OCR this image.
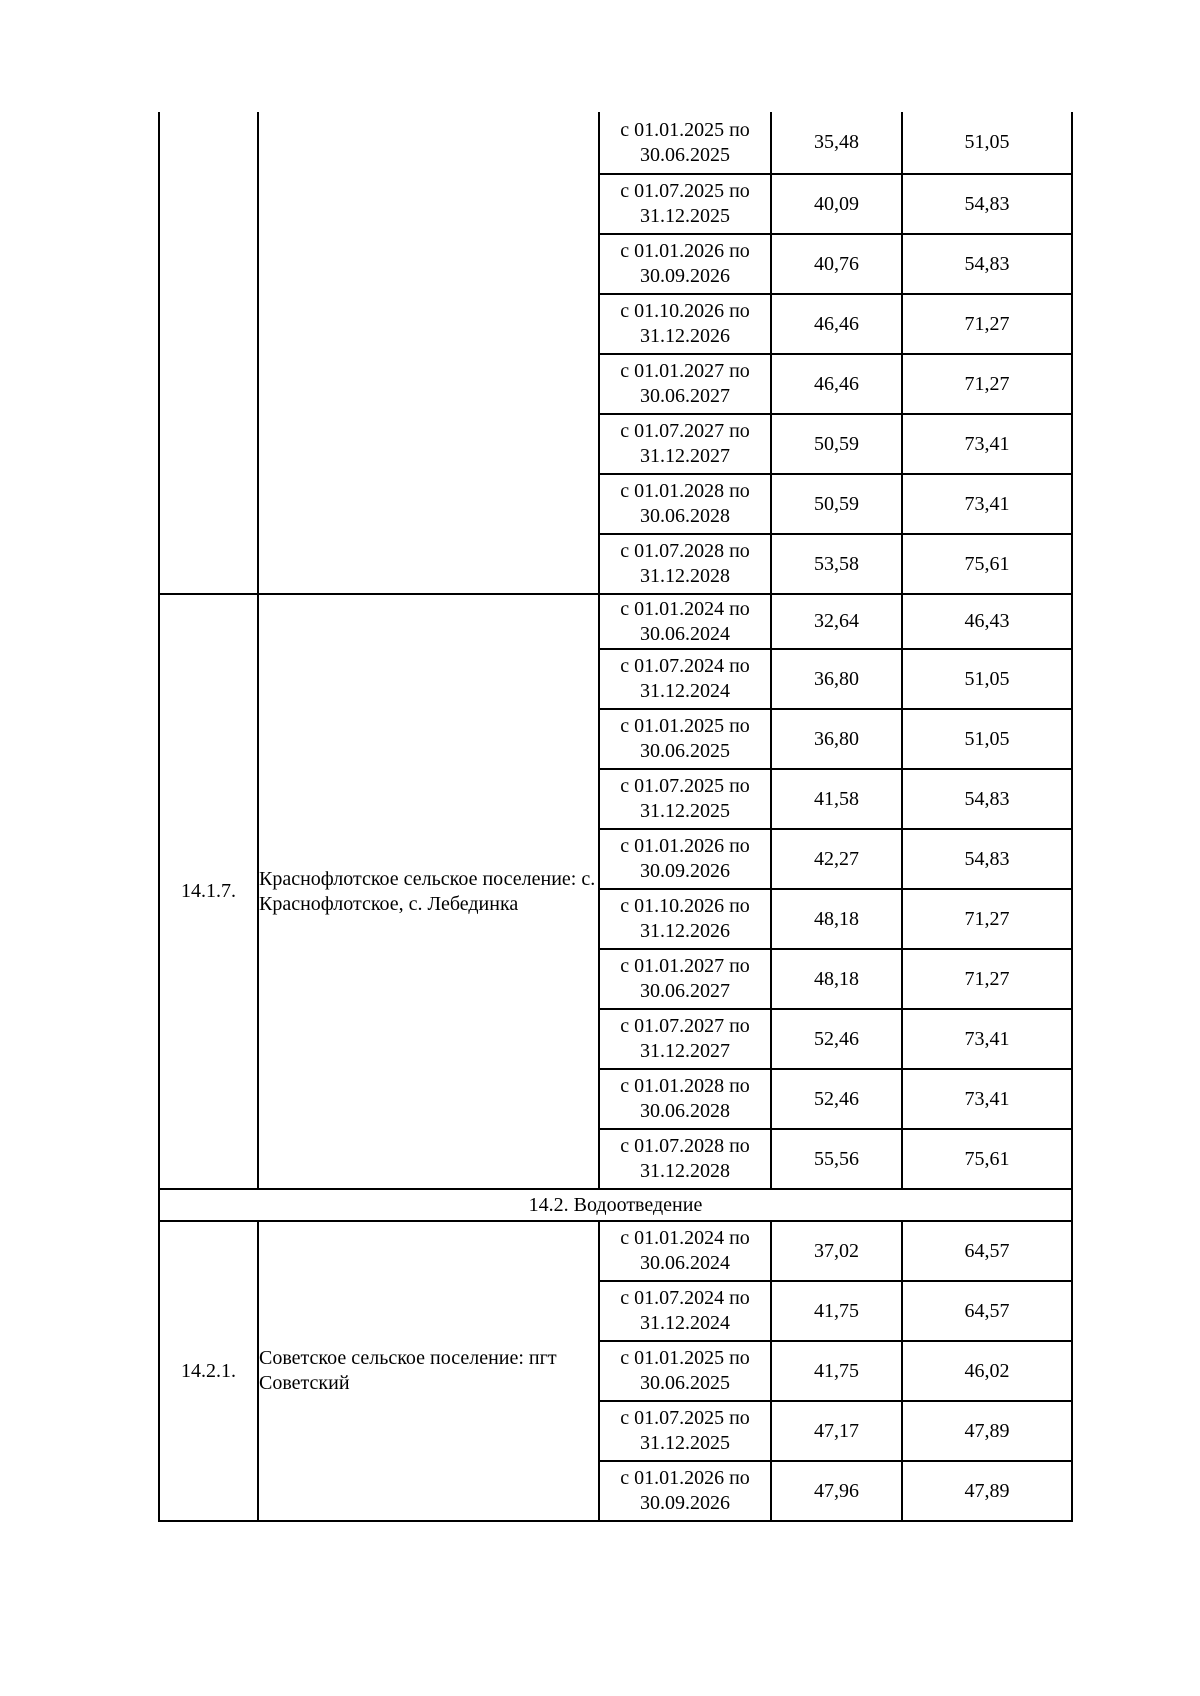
		с 01.01.2025 по 30.06.2025	35,48	51,05
		с 01.07.2025 по 31.12.2025	40,09	54,83
		с 01.01.2026 по 30.09.2026	40,76	54,83
		с 01.10.2026 по 31.12.2026	46,46	71,27
		с 01.01.2027 по 30.06.2027	46,46	71,27
		с 01.07.2027 по 31.12.2027	50,59	73,41
		с 01.01.2028 по 30.06.2028	50,59	73,41
		с 01.07.2028 по 31.12.2028	53,58	75,61
14.1.7.	Краснофлотское сельское поселение: с. Краснофлотское, с. Лебединка	с 01.01.2024 по 30.06.2024	32,64	46,43
		с 01.07.2024 по 31.12.2024	36,80	51,05
		с 01.01.2025 по 30.06.2025	36,80	51,05
		с 01.07.2025 по 31.12.2025	41,58	54,83
		с 01.01.2026 по 30.09.2026	42,27	54,83
		с 01.10.2026 по 31.12.2026	48,18	71,27
		с 01.01.2027 по 30.06.2027	48,18	71,27
		с 01.07.2027 по 31.12.2027	52,46	73,41
		с 01.01.2028 по 30.06.2028	52,46	73,41
		с 01.07.2028 по 31.12.2028	55,56	75,61
14.2. Водоотведение				
14.2.1.	Советское сельское поселение: пгт Советский	с 01.01.2024 по 30.06.2024	37,02	64,57
		с 01.07.2024 по 31.12.2024	41,75	64,57
		с 01.01.2025 по 30.06.2025	41,75	46,02
		с 01.07.2025 по 31.12.2025	47,17	47,89
		с 01.01.2026 по 30.09.2026	47,96	47,89
